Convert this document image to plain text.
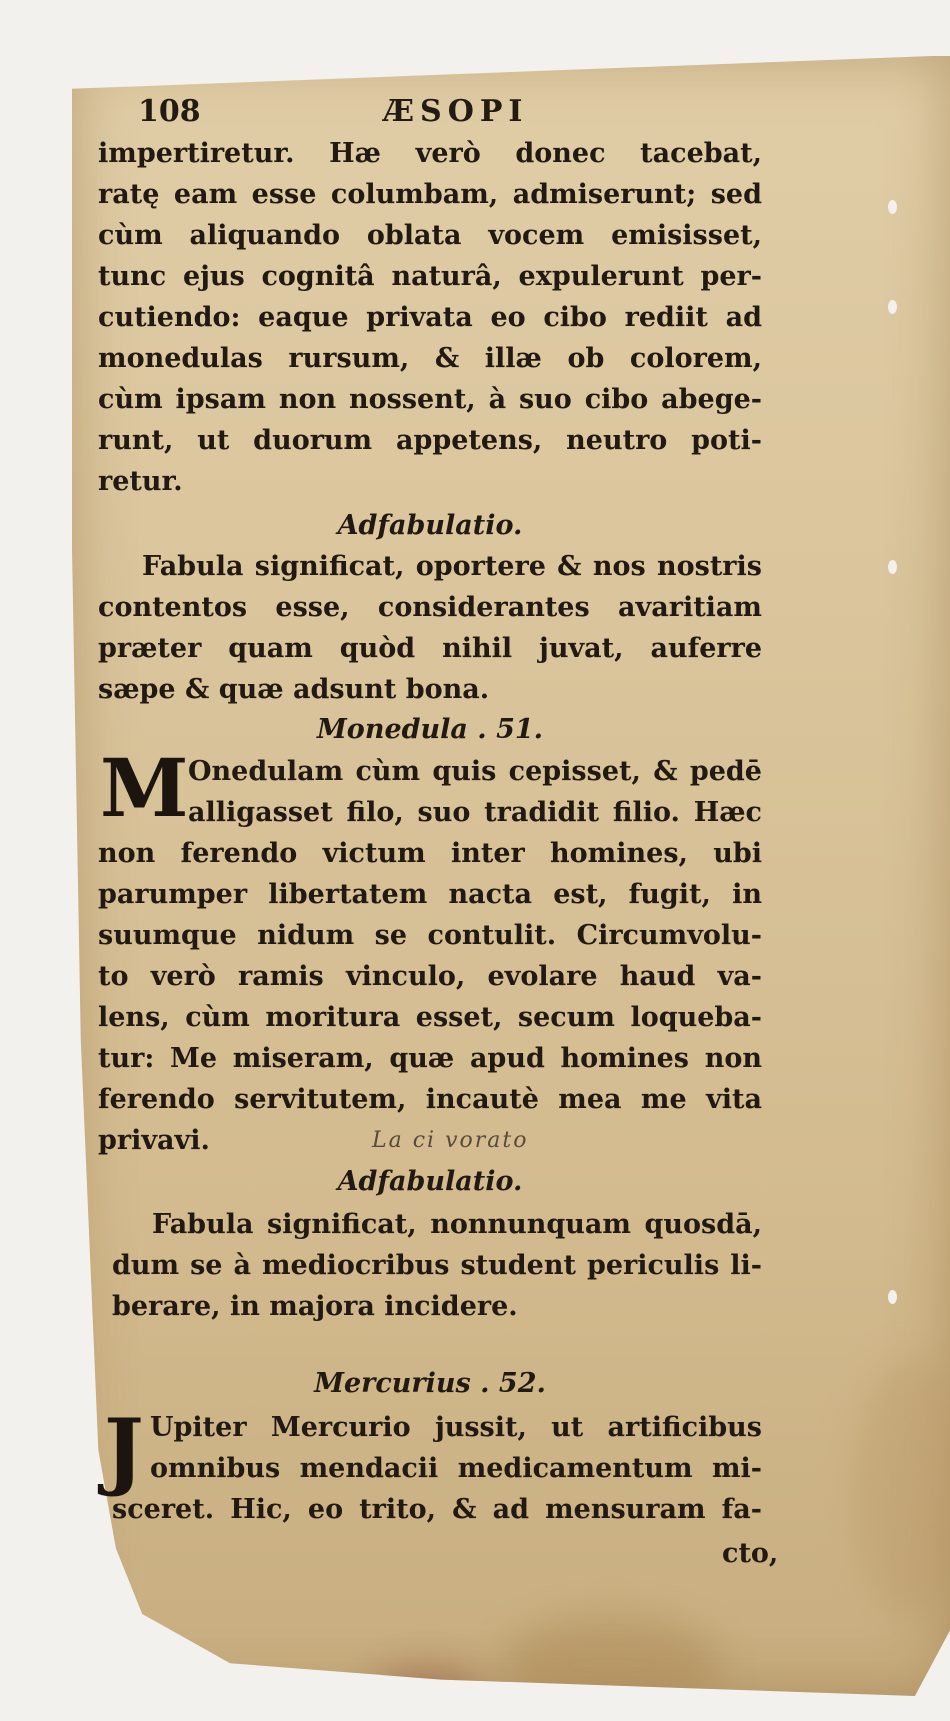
108	ÆSOPI
impertiretur. Hæ verò donec tacebat,
ratę eam esse columbam, admiserunt; sed
cùm aliquando oblata vocem emisisset,
tunc ejus cognitâ naturâ, expulerunt per-
cutiendo: eaque privata eo cibo rediit ad
monedulas rursum, & illæ ob colorem,
cùm ipsam non nossent, à suo cibo abege-
runt, ut duorum appetens, neutro poti-
retur.
Adfabulatio.
Fabula significat, oportere & nos nostris
contentos esse, considerantes avaritiam
præter quam quòd nihil juvat, auferre
sæpe & quæ adsunt bona.
Monedula . 51.
M Onedulam cùm quis cepisset, & pedē
alligasset filo, suo tradidit filio. Hæc
non ferendo victum inter homines, ubi
parumper libertatem nacta est, fugit, in
suumque nidum se contulit. Circumvolu-
to verò ramis vinculo, evolare haud va-
lens, cùm moritura esset, secum loqueba-
tur: Me miseram, quæ apud homines non
ferendo servitutem, incautè mea me vita
privavi.	La ci vorato
Adfabulatio.
Fabula significat, nonnunquam quosdā,
dum se à mediocribus student periculis li-
berare, in majora incidere.
Mercurius . 52.
J Upiter Mercurio jussit, ut artificibus
omnibus mendacii medicamentum mi-
sceret. Hic, eo trito, & ad mensuram fa-
cto,
